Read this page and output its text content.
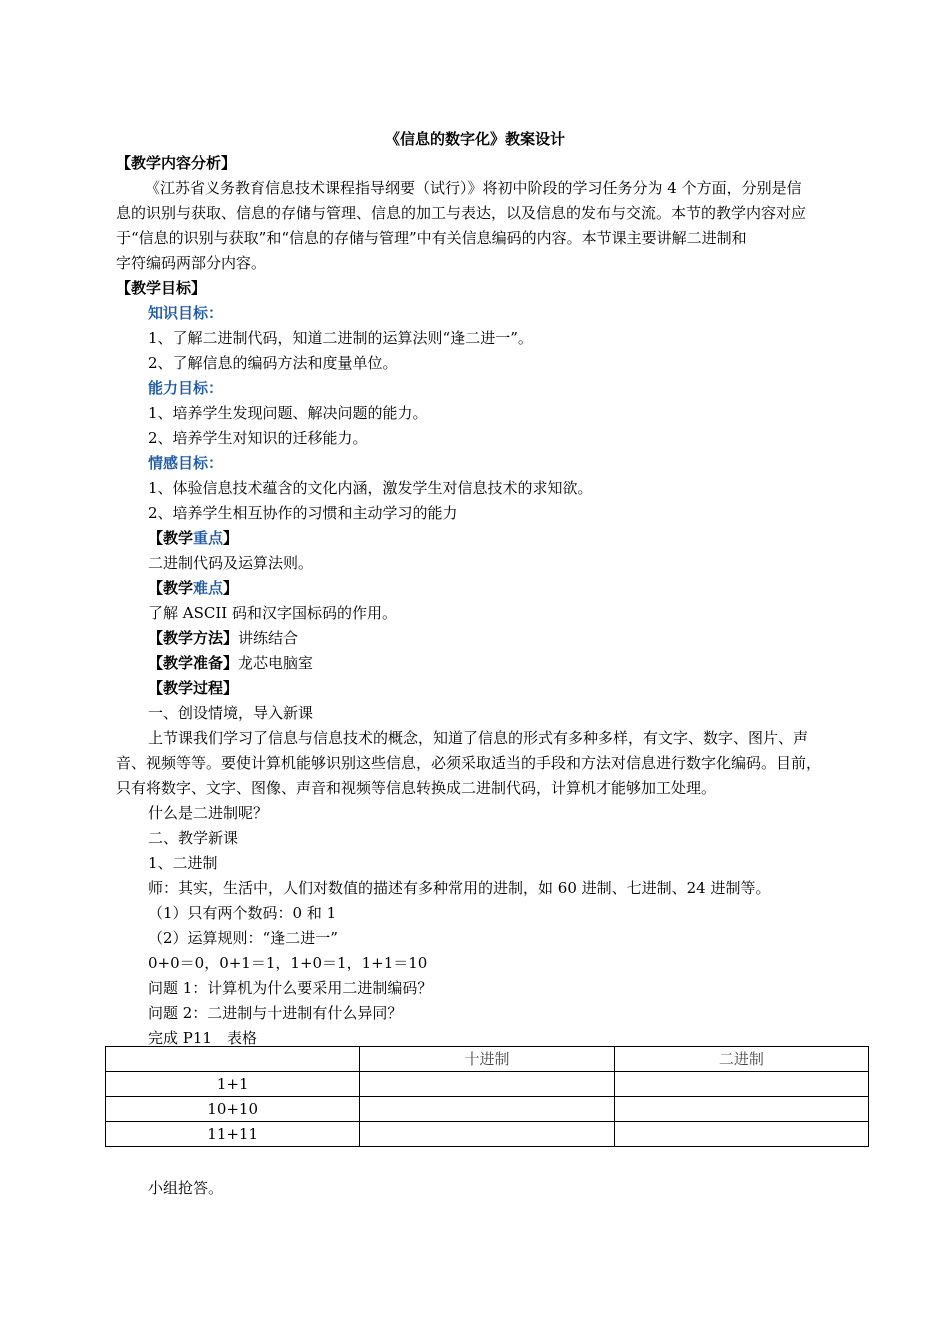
《信息的数字化》教案设计
【教学内容分析】
《江苏省义务教育信息技术课程指导纲要（试行）》将初中阶段的学习任务分为 4 个方面，分别是信
息的识别与获取、信息的存储与管理、信息的加工与表达，以及信息的发布与交流。本节的教学内容对应
于“信息的识别与获取”和“信息的存储与管理”中有关信息编码的内容。本节课主要讲解二进制和
字符编码两部分内容。
【教学目标】
知识目标：
1、了解二进制代码，知道二进制的运算法则“逢二进一”。
2、了解信息的编码方法和度量单位。
能力目标：
1、培养学生发现问题、解决问题的能力。
2、培养学生对知识的迁移能力。
情感目标：
1、体验信息技术蕴含的文化内涵，激发学生对信息技术的求知欲。
2、培养学生相互协作的习惯和主动学习的能力
【教学重点】
二进制代码及运算法则。
【教学难点】
了解 ASCII 码和汉字国标码的作用。
【教学方法】讲练结合
【教学准备】龙芯电脑室
【教学过程】
一、创设情境，导入新课
上节课我们学习了信息与信息技术的概念，知道了信息的形式有多种多样，有文字、数字、图片、声
音、视频等等。要使计算机能够识别这些信息，必须采取适当的手段和方法对信息进行数字化编码。目前，
只有将数字、文字、图像、声音和视频等信息转换成二进制代码，计算机才能够加工处理。
什么是二进制呢？
二、教学新课
1、二进制
师：其实，生活中，人们对数值的描述有多种常用的进制，如 60 进制、七进制、24 进制等。
（1）只有两个数码：0 和 1
（2）运算规则：“逢二进一”
0+0＝0，0+1＝1，1+0＝1，1+1＝10
问题 1：计算机为什么要采用二进制编码？
问题 2：二进制与十进制有什么异同？
完成 P11　表格
	十进制	二进制
1+1		
10+10		
11+11		
小组抢答。
